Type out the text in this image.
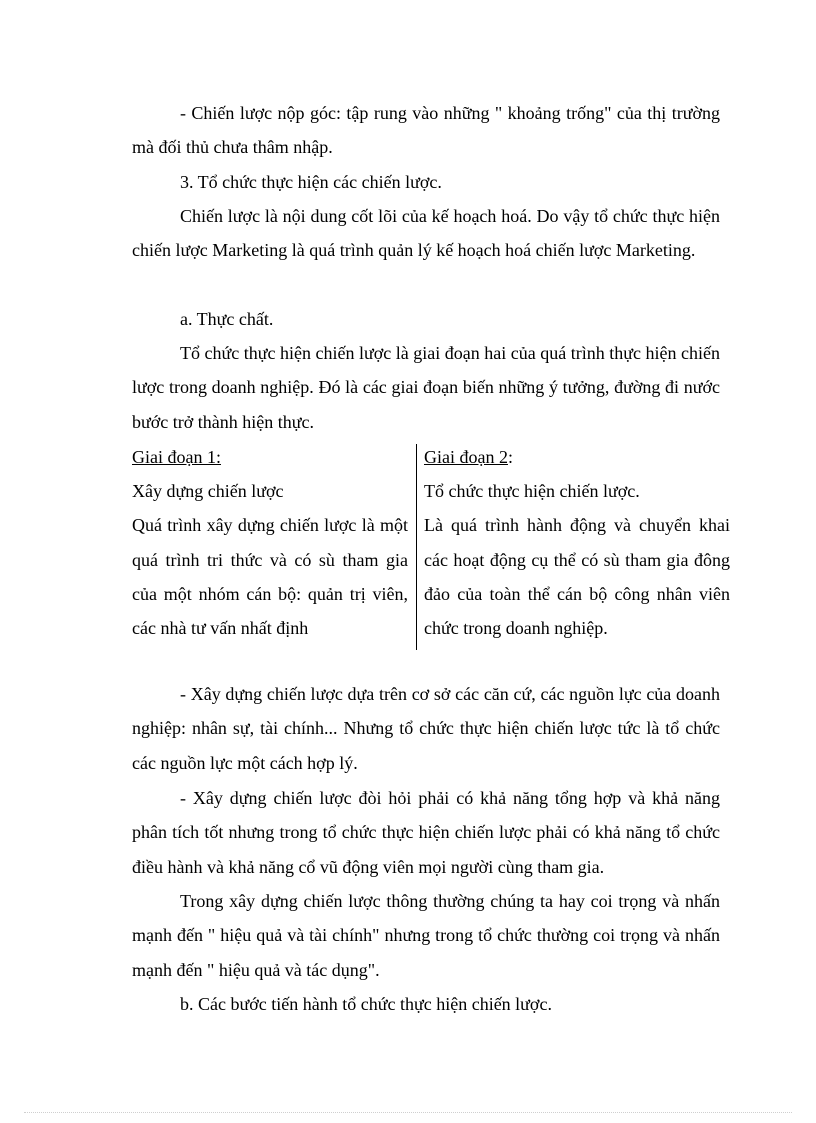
- Chiến lược nộp góc: tập rung vào những " khoảng trống" của thị trường mà đối thủ chưa thâm nhập.

3. Tổ chức thực hiện các chiến lược.

Chiến lược là nội dung cốt lõi của kế hoạch hoá. Do vậy tổ chức thực hiện chiến lược Marketing là quá trình quản lý kế hoạch hoá chiến lược Marketing.

a. Thực chất.

Tổ chức thực hiện chiến lược là giai đoạn hai của quá trình thực hiện chiến lược trong doanh nghiệp. Đó là các giai đoạn biến những ý tưởng, đường đi nước bước trở thành hiện thực.

Giai đoạn 1:
Xây dựng chiến lược
Quá trình xây dựng chiến lược là một quá trình tri thức và có sù tham gia của một nhóm cán bộ: quản trị viên, các nhà tư vấn nhất định
Giai đoạn 2:
Tổ chức thực hiện chiến lược.
Là quá trình hành động và chuyển khai các hoạt động cụ thể có sù tham gia đông đảo của toàn thể cán bộ công nhân viên chức trong doanh nghiệp.

- Xây dựng chiến lược dựa trên cơ sở các căn cứ, các nguồn lực của doanh nghiệp: nhân sự, tài chính... Nhưng tổ chức thực hiện chiến lược tức là tổ chức các nguồn lực một cách hợp lý.

- Xây dựng chiến lược đòi hỏi phải có khả năng tổng hợp và khả năng phân tích tốt nhưng trong tổ chức thực hiện chiến lược phải có khả năng tổ chức điều hành và khả năng cổ vũ động viên mọi người cùng tham gia.

Trong xây dựng chiến lược thông thường chúng ta hay coi trọng và nhấn mạnh đến " hiệu quả và tài chính" nhưng trong tổ chức thường coi trọng và nhấn mạnh đến " hiệu quả và tác dụng".

b. Các bước tiến hành tổ chức thực hiện chiến lược.
